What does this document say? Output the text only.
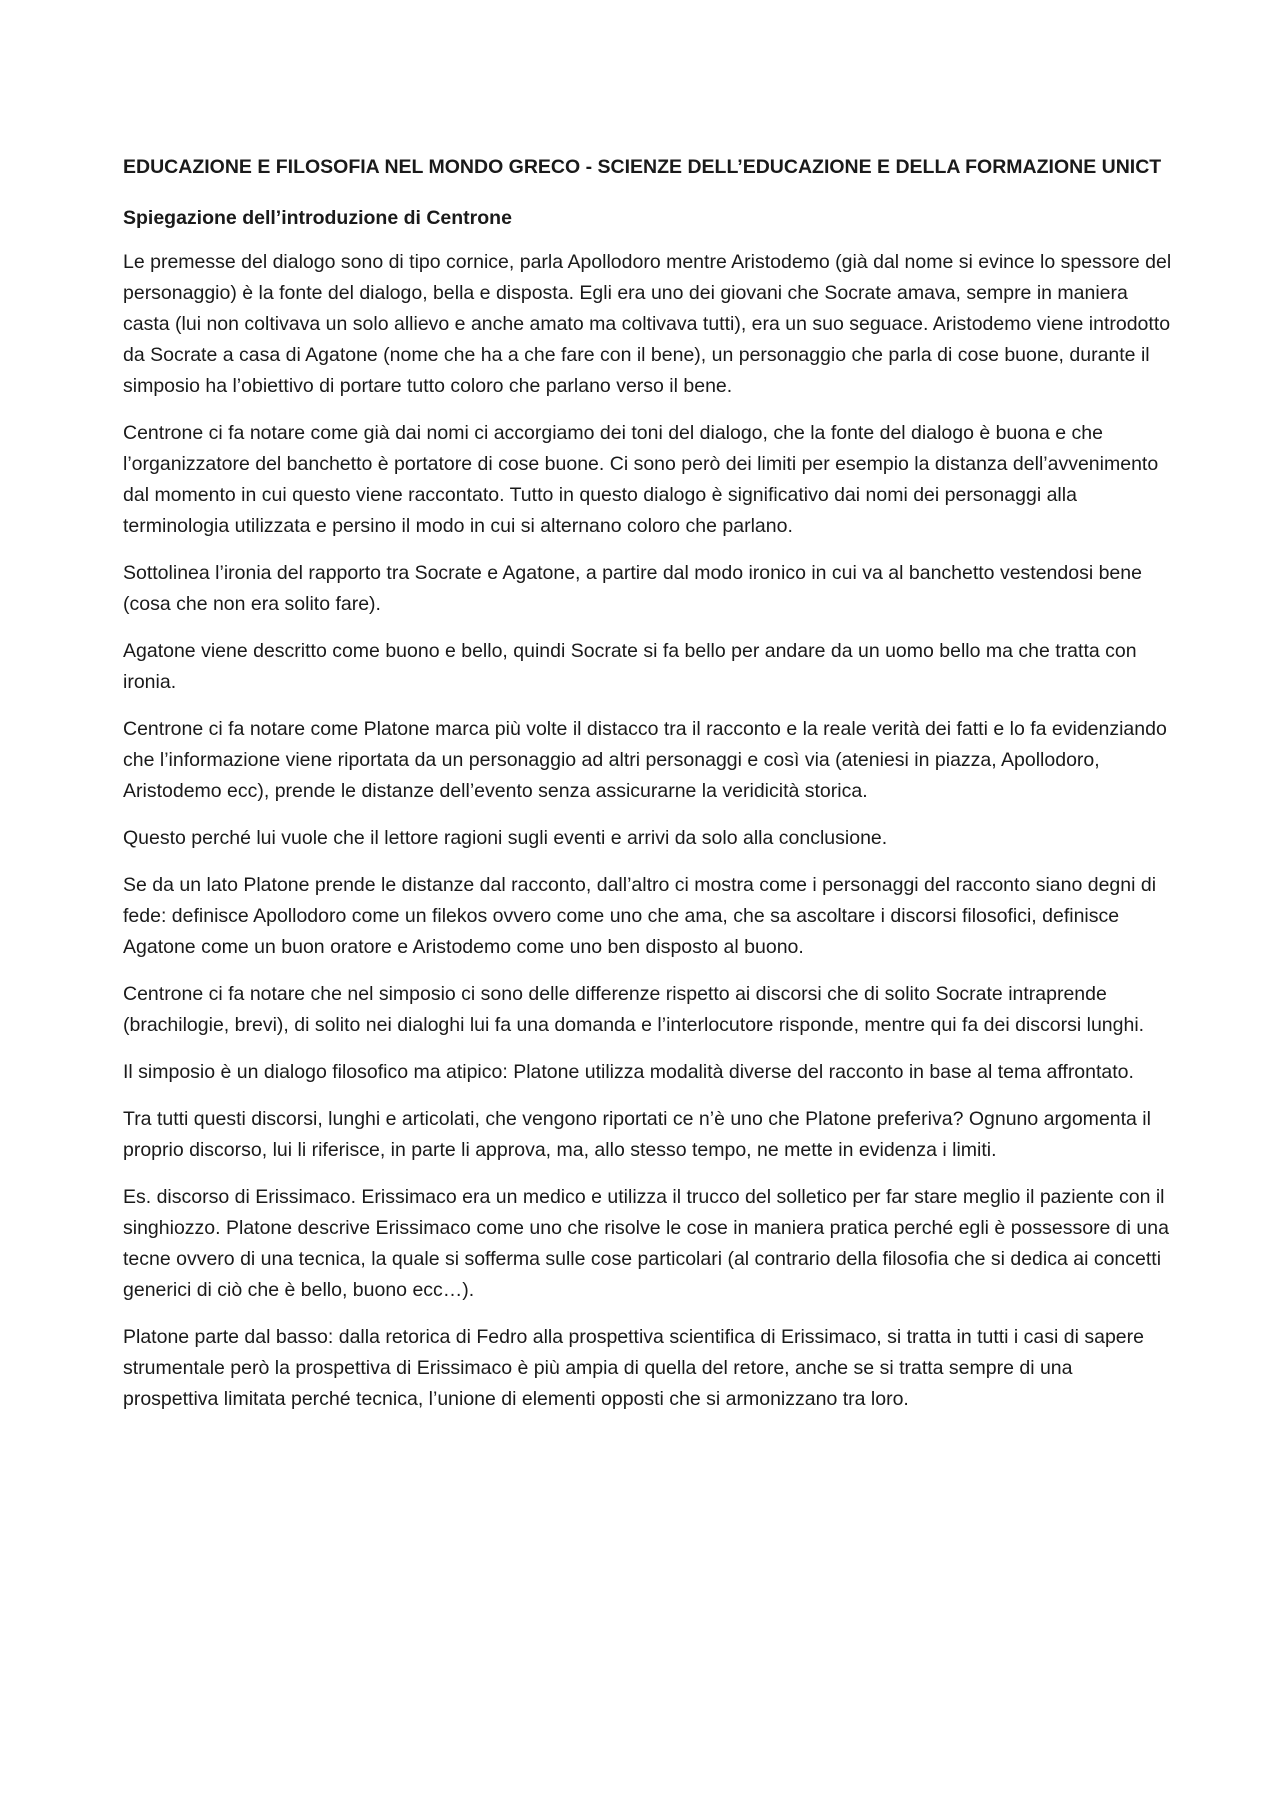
EDUCAZIONE E FILOSOFIA NEL MONDO GRECO - SCIENZE DELL’EDUCAZIONE E DELLA FORMAZIONE UNICT
Spiegazione dell’introduzione di Centrone

Le premesse del dialogo sono di tipo cornice, parla Apollodoro mentre Aristodemo (già dal nome si evince lo spessore del personaggio) è la fonte del dialogo, bella e disposta. Egli era uno dei giovani che Socrate amava, sempre in maniera casta (lui non coltivava un solo allievo e anche amato ma coltivava tutti), era un suo seguace. Aristodemo viene introdotto da Socrate a casa di Agatone (nome che ha a che fare con il bene), un personaggio che parla di cose buone, durante il simposio ha l’obiettivo di portare tutto coloro che parlano verso il bene.

Centrone ci fa notare come già dai nomi ci accorgiamo dei toni del dialogo, che la fonte del dialogo è buona e che l’organizzatore del banchetto è portatore di cose buone. Ci sono però dei limiti per esempio la distanza dell’avvenimento dal momento in cui questo viene raccontato. Tutto in questo dialogo è significativo dai nomi dei personaggi alla terminologia utilizzata e persino il modo in cui si alternano coloro che parlano.

Sottolinea l’ironia del rapporto tra Socrate e Agatone, a partire dal modo ironico in cui va al banchetto vestendosi bene (cosa che non era solito fare).

Agatone viene descritto come buono e bello, quindi Socrate si fa bello per andare da un uomo bello ma che tratta con ironia.

Centrone ci fa notare come Platone marca più volte il distacco tra il racconto e la reale verità dei fatti e lo fa evidenziando che l’informazione viene riportata da un personaggio ad altri personaggi e così via (ateniesi in piazza, Apollodoro, Aristodemo ecc), prende le distanze dell’evento senza assicurarne la veridicità storica.

Questo perché lui vuole che il lettore ragioni sugli eventi e arrivi da solo alla conclusione.

Se da un lato Platone prende le distanze dal racconto, dall’altro ci mostra come i personaggi del racconto siano degni di fede: definisce Apollodoro come un filekos ovvero come uno che ama, che sa ascoltare i discorsi filosofici, definisce Agatone come un buon oratore e Aristodemo come uno ben disposto al buono.

Centrone ci fa notare che nel simposio ci sono delle differenze rispetto ai discorsi che di solito Socrate intraprende (brachilogie, brevi), di solito nei dialoghi lui fa una domanda e l’interlocutore risponde, mentre qui fa dei discorsi lunghi.

Il simposio è un dialogo filosofico ma atipico: Platone utilizza modalità diverse del racconto in base al tema affrontato.

Tra tutti questi discorsi, lunghi e articolati, che vengono riportati ce n’è uno che Platone preferiva? Ognuno argomenta il proprio discorso, lui li riferisce, in parte li approva, ma, allo stesso tempo, ne mette in evidenza i limiti.

Es. discorso di Erissimaco. Erissimaco era un medico e utilizza il trucco del solletico per far stare meglio il paziente con il singhiozzo. Platone descrive Erissimaco come uno che risolve le cose in maniera pratica perché egli è possessore di una tecne ovvero di una tecnica, la quale si sofferma sulle cose particolari (al contrario della filosofia che si dedica ai concetti generici di ciò che è bello, buono ecc…).

Platone parte dal basso: dalla retorica di Fedro alla prospettiva scientifica di Erissimaco, si tratta in tutti i casi di sapere strumentale però la prospettiva di Erissimaco è più ampia di quella del retore, anche se si tratta sempre di una prospettiva limitata perché tecnica, l’unione di elementi opposti che si armonizzano tra loro.
